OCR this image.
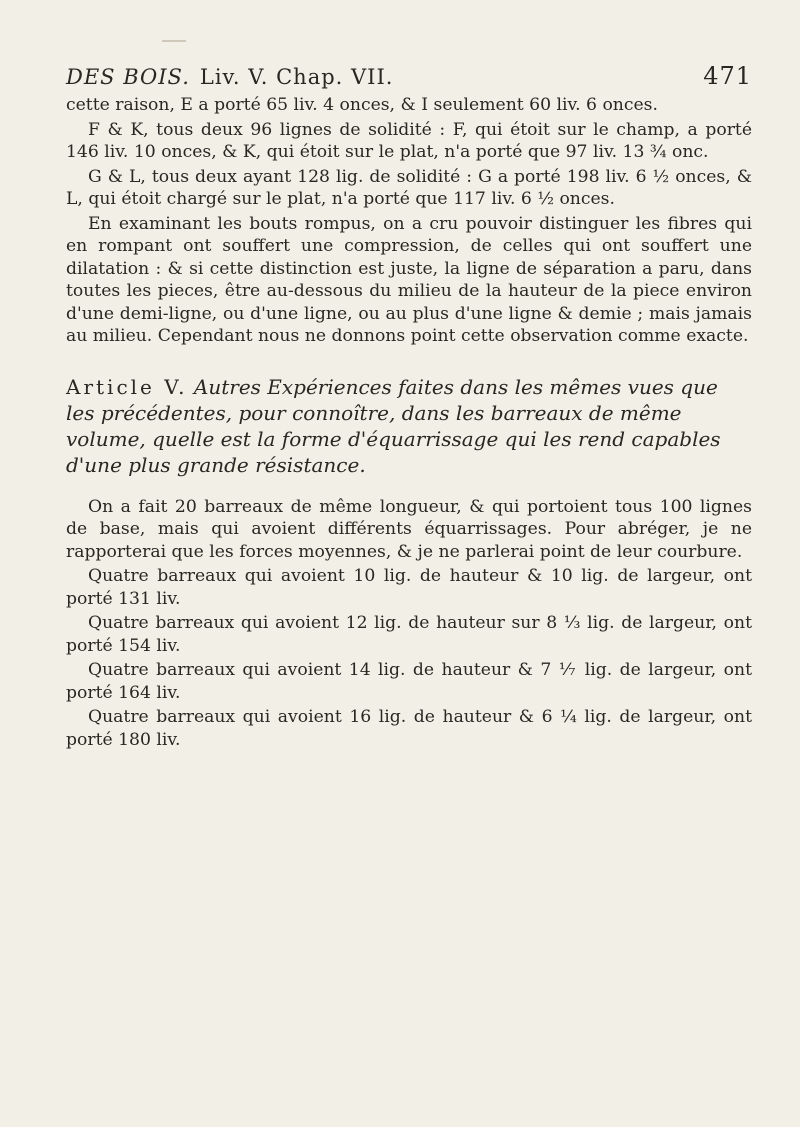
DES BOIS. Liv. V. Chap. VII.	471

cette raison, E a porté 65 liv. 4 onces, & I seulement 60 liv. 6 onces.

F & K, tous deux 96 lignes de solidité : F, qui étoit sur le champ, a porté 146 liv. 10 onces, & K, qui étoit sur le plat, n'a porté que 97 liv. 13 ¾ onc.

G & L, tous deux ayant 128 lig. de solidité : G a porté 198 liv. 6 ½ onces, & L, qui étoit chargé sur le plat, n'a porté que 117 liv. 6 ½ onces.

En examinant les bouts rompus, on a cru pouvoir distinguer les fibres qui en rompant ont souffert une compression, de celles qui ont souffert une dilatation : & si cette distinction est juste, la ligne de séparation a paru, dans toutes les pieces, être au-dessous du milieu de la hauteur de la piece environ d'une demi-ligne, ou d'une ligne, ou au plus d'une ligne & demie ; mais jamais au milieu. Cependant nous ne donnons point cette observation comme exacte.

Article V. Autres Expériences faites dans les mêmes vues que les précédentes, pour connoître, dans les barreaux de même volume, quelle est la forme d'équarrissage qui les rend capables d'une plus grande résistance.

On a fait 20 barreaux de même longueur, & qui portoient tous 100 lignes de base, mais qui avoient différents équarrissages. Pour abréger, je ne rapporterai que les forces moyennes, & je ne parlerai point de leur courbure.

Quatre barreaux qui avoient 10 lig. de hauteur & 10 lig. de largeur, ont porté 131 liv.

Quatre barreaux qui avoient 12 lig. de hauteur sur 8 ⅓ lig. de largeur, ont porté 154 liv.

Quatre barreaux qui avoient 14 lig. de hauteur & 7 ⅐ lig. de largeur, ont porté 164 liv.

Quatre barreaux qui avoient 16 lig. de hauteur & 6 ¼ lig. de largeur, ont porté 180 liv.
